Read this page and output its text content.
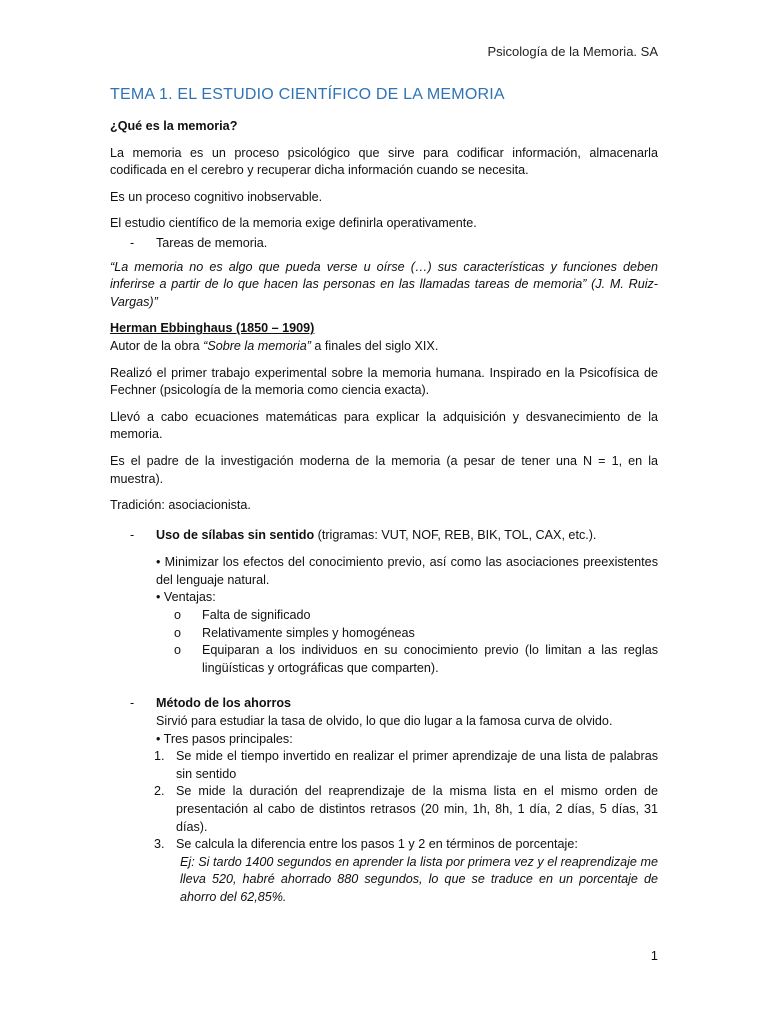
Psicología de la Memoria. SA
TEMA 1. EL ESTUDIO CIENTÍFICO DE LA MEMORIA

¿Qué es la memoria?

La memoria es un proceso psicológico que sirve para codificar información, almacenarla codificada en el cerebro y recuperar dicha información cuando se necesita.

Es un proceso cognitivo inobservable.

El estudio científico de la memoria exige definirla operativamente.

-	Tareas de memoria.

“La memoria no es algo que pueda verse u oírse (…) sus características y funciones deben inferirse a partir de lo que hacen las personas en las llamadas tareas de memoria” (J. M. Ruiz-Vargas)”

Herman Ebbinghaus (1850 – 1909)

Autor de la obra “Sobre la memoria” a finales del siglo XIX.

Realizó el primer trabajo experimental sobre la memoria humana. Inspirado en la Psicofísica de Fechner (psicología de la memoria como ciencia exacta).

Llevó a cabo ecuaciones matemáticas para explicar la adquisición y desvanecimiento de la memoria.

Es el padre de la investigación moderna de la memoria (a pesar de tener una N = 1, en la muestra).

Tradición: asociacionista.

-	Uso de sílabas sin sentido (trigramas: VUT, NOF, REB, BIK, TOL, CAX, etc.).
• Minimizar los efectos del conocimiento previo, así como las asociaciones preexistentes del lenguaje natural.
• Ventajas:
o	Falta de significado
o	Relativamente simples y homogéneas
o	Equiparan a los individuos en su conocimiento previo (lo limitan a las reglas lingüísticas y ortográficas que comparten).
-	Método de los ahorros
Sirvió para estudiar la tasa de olvido, lo que dio lugar a la famosa curva de olvido.
• Tres pasos principales:
1. Se mide el tiempo invertido en realizar el primer aprendizaje de una lista de palabras sin sentido
2. Se mide la duración del reaprendizaje de la misma lista en el mismo orden de presentación al cabo de distintos retrasos (20 min, 1h, 8h, 1 día, 2 días, 5 días, 31 días).
3. Se calcula la diferencia entre los pasos 1 y 2 en términos de porcentaje:
Ej: Si tardo 1400 segundos en aprender la lista por primera vez y el reaprendizaje me lleva 520, habré ahorrado 880 segundos, lo que se traduce en un porcentaje de ahorro del 62,85%.
1
